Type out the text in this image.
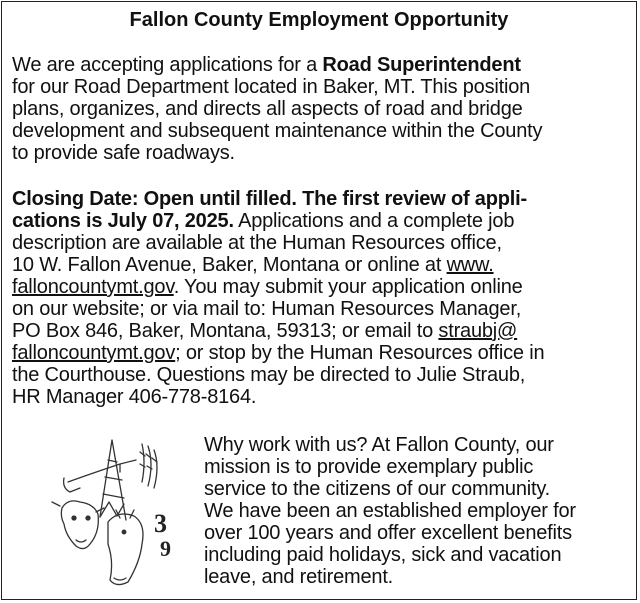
Fallon County Employment Opportunity
We are accepting applications for a Road Superintendent
for our Road Department located in Baker, MT. This position
plans, organizes, and directs all aspects of road and bridge
development and subsequent maintenance within the County
to provide safe roadways.
Closing Date: Open until filled. The first review of appli-
cations is July 07, 2025. Applications and a complete job
description are available at the Human Resources office,
10 W. Fallon Avenue, Baker, Montana or online at www.
falloncountymt.gov. You may submit your application online
on our website; or via mail to: Human Resources Manager,
PO Box 846, Baker, Montana, 59313; or email to straubj@
falloncountymt.gov; or stop by the Human Resources office in
the Courthouse. Questions may be directed to Julie Straub,
HR Manager 406-778-8164.
3
9
Why work with us? At Fallon County, our
mission is to provide exemplary public
service to the citizens of our community.
We have been an established employer for
over 100 years and offer excellent benefits
including paid holidays, sick and vacation
leave, and retirement.
